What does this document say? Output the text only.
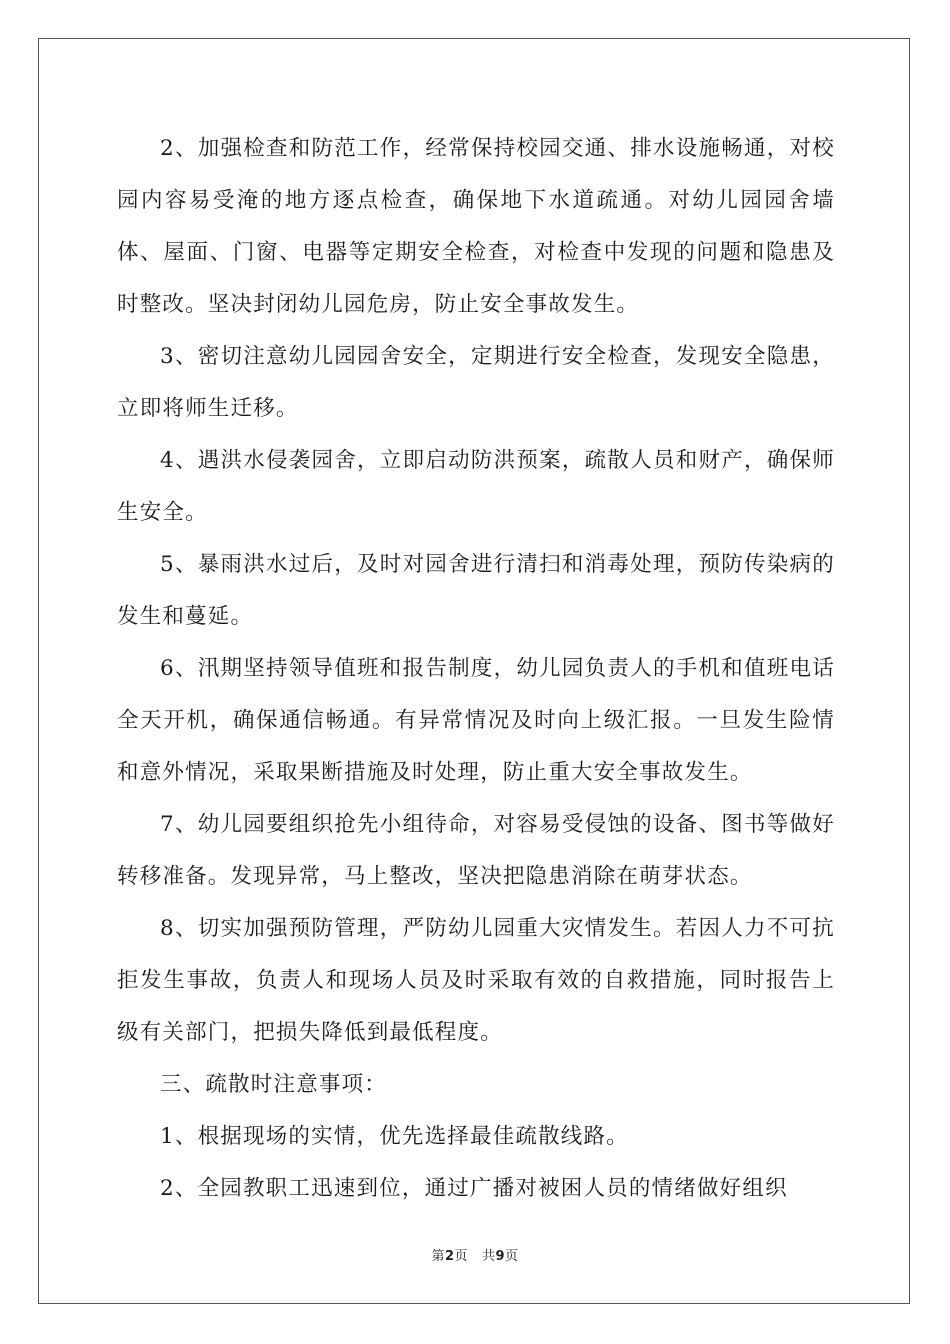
2、加强检查和防范工作，经常保持校园交通、排水设施畅通，对校园内容易受淹的地方逐点检查，确保地下水道疏通。对幼儿园园舍墙体、屋面、门窗、电器等定期安全检查，对检查中发现的问题和隐患及时整改。坚决封闭幼儿园危房，防止安全事故发生。

3、密切注意幼儿园园舍安全，定期进行安全检查，发现安全隐患，立即将师生迁移。

4、遇洪水侵袭园舍，立即启动防洪预案，疏散人员和财产，确保师生安全。

5、暴雨洪水过后，及时对园舍进行清扫和消毒处理，预防传染病的发生和蔓延。

6、汛期坚持领导值班和报告制度，幼儿园负责人的手机和值班电话全天开机，确保通信畅通。有异常情况及时向上级汇报。一旦发生险情和意外情况，采取果断措施及时处理，防止重大安全事故发生。

7、幼儿园要组织抢先小组待命，对容易受侵蚀的设备、图书等做好转移准备。发现异常，马上整改，坚决把隐患消除在萌芽状态。

8、切实加强预防管理，严防幼儿园重大灾情发生。若因人力不可抗拒发生事故，负责人和现场人员及时采取有效的自救措施，同时报告上级有关部门，把损失降低到最低程度。

三、疏散时注意事项：

1、根据现场的实情，优先选择最佳疏散线路。

2、全园教职工迅速到位，通过广播对被困人员的情绪做好组织

第2页 共9页
